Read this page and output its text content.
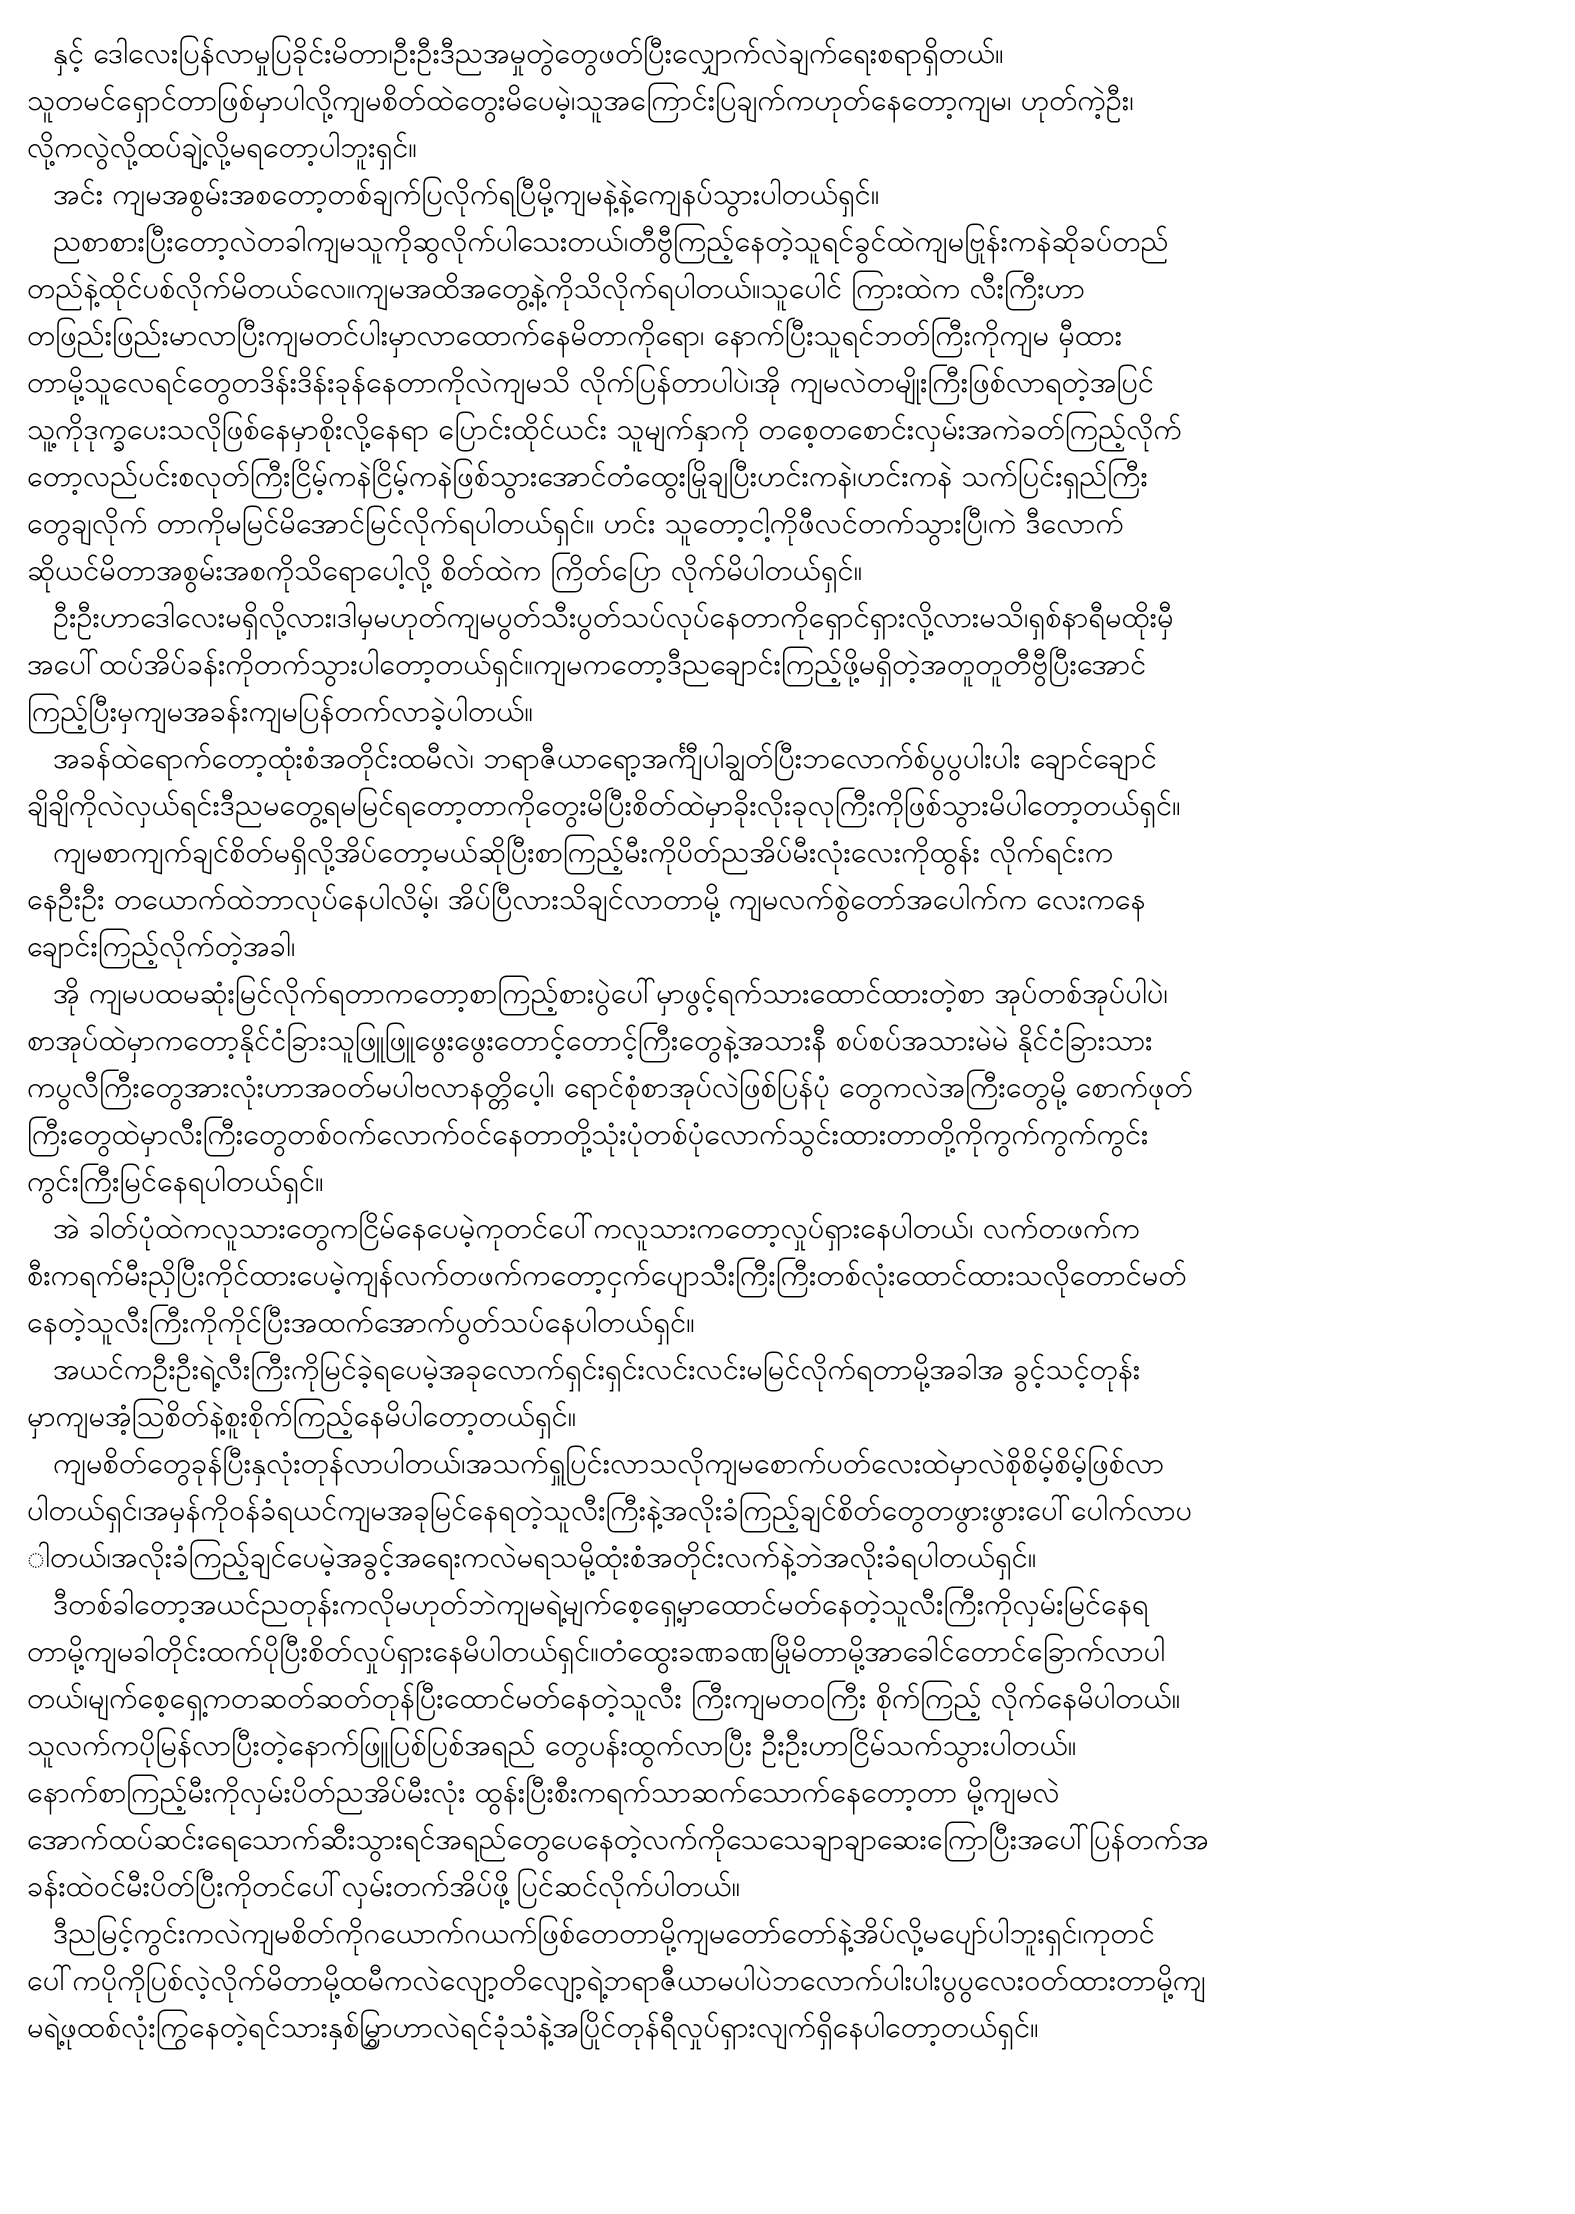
နှင့် ဒေါလေးပြန်လာမှုပြခိုင်းမိတာ၊ဦးဦးဒီညအမှုတွဲတွေဖတ်ပြီးလျှောက်လဲချက်ရေးစရာရှိတယ်။
သူတမင်ရှောင်တာဖြစ်မှာပါလို့ကျမစိတ်ထဲတွေးမိပေမဲ့၊သူအကြောင်းပြချက်ကဟုတ်နေတော့ကျမ၊ ဟုတ်ကဲ့ဦး၊
လို့ကလွဲလို့ထပ်ချဲ့လို့မရတော့ပါဘူးရှင်။
အင်း ကျမအစွမ်းအစတော့တစ်ချက်ပြလိုက်ရပြီမို့ကျမနဲ့နဲ့ကျေနပ်သွားပါတယ်ရှင်။
ညစာစားပြီးတော့လဲတခါကျမသူကိုဆွလိုက်ပါသေးတယ်၊တီဗွီကြည့်နေတဲ့သူရင်ခွင်ထဲကျမဗြုန်းကနဲဆိုခပ်တည်
တည်နဲ့ထိုင်ပစ်လိုက်မိတယ်လေ။ကျမအထိအတွေ့နဲ့ကိုသိလိုက်ရပါတယ်။သူပေါင် ကြားထဲက လီးကြီးဟာ
တဖြည်းဖြည်းမာလာပြီးကျမတင်ပါးမှာလာထောက်နေမိတာကိုရော၊ နောက်ပြီးသူရင်ဘတ်ကြီးကိုကျမ မှီထား
တာမို့သူလေရင်တွေတဒိန်းဒိန်းခုန်နေတာကိုလဲကျမသိ လိုက်ပြန်တာပါပဲ၊အို ကျမလဲတမျိုးကြီးဖြစ်လာရတဲ့အပြင်
သူ့ကိုဒုက္ခပေးသလိုဖြစ်နေမှာစိုးလို့နေရာ ပြောင်းထိုင်ယင်း သူမျက်နှာကို တစေ့တစောင်းလှမ်းအကဲခတ်ကြည့်လိုက်
တော့လည်ပင်းစလုတ်ကြီးငြိမ့်ကနဲငြိမ့်ကနဲဖြစ်သွားအောင်တံထွေးမြိုချပြီးဟင်းကနဲ၊ဟင်းကနဲ သက်ပြင်းရှည်ကြီး
တွေချလိုက် တာကိုမမြင်မိအောင်မြင်လိုက်ရပါတယ်ရှင်။ ဟင်း သူတော့ငါ့ကိုဖီလင်တက်သွားပြီ၊ကဲ ဒီလောက်
ဆိုယင်မိတာအစွမ်းအစကိုသိရောပေါ့လို့ စိတ်ထဲက ကြိတ်ပြော လိုက်မိပါတယ်ရှင်။
ဦးဦးဟာဒေါလေးမရှိလို့လား၊ဒါမှမဟုတ်ကျမပွတ်သီးပွတ်သပ်လုပ်နေတာကိုရှောင်ရှားလို့လားမသိ၊ရှစ်နာရီမထိုးမှီ
အပေါ်ထပ်အိပ်ခန်းကိုတက်သွားပါတော့တယ်ရှင်။ကျမကတော့ဒီညချောင်းကြည့်ဖို့မရှိတဲ့အတူတူတီဗွီပြီးအောင်
ကြည့်ပြီးမှကျမအခန်းကျမပြန်တက်လာခဲ့ပါတယ်။
အခန်ထဲရောက်တော့ထုံးစံအတိုင်းထမီလဲ၊ ဘရာဇီယာရော့အင်္ကျီပါချွတ်ပြီးဘလောက်စ်ပွပွပါးပါး ချောင်ချောင်
ချိချိကိုလဲလှယ်ရင်းဒီညမတွေ့ရမမြင်ရတော့တာကိုတွေးမိပြီးစိတ်ထဲမှာခိုးလိုးခုလုကြီးကိုဖြစ်သွားမိပါတော့တယ်ရှင်။
ကျမစာကျက်ချင်စိတ်မရှိလို့အိပ်တော့မယ်ဆိုပြီးစာကြည့်မီးကိုပိတ်ညအိပ်မီးလုံးလေးကိုထွန်း လိုက်ရင်းက
နေဦးဦး တယောက်ထဲဘာလုပ်နေပါလိမ့်၊ အိပ်ပြီလားသိချင်လာတာမို့ ကျမလက်စွဲတော်အပေါက်က လေးကနေ
ချောင်းကြည့်လိုက်တဲ့အခါ၊
အို ကျမပထမဆုံးမြင်လိုက်ရတာကတော့စာကြည့်စားပွဲပေါ်မှာဖွင့်ရက်သားထောင်ထားတဲ့စာ အုပ်တစ်အုပ်ပါပဲ၊
စာအုပ်ထဲမှာကတော့နိုင်ငံခြားသူဖြူဖြူဖွေးဖွေးတောင့်တောင့်ကြီးတွေနဲ့အသားနီ စပ်စပ်အသားမဲမဲ နိုင်ငံခြားသား
ကပွလီကြီးတွေအားလုံးဟာအဝတ်မပါဗလာနတ္တိပေ့ါ၊ ရောင်စုံစာအုပ်လဲဖြစ်ပြန်ပုံ တွေကလဲအကြီးတွေမို့ စောက်ဖုတ်
ကြီးတွေထဲမှာလီးကြီးတွေတစ်ဝက်လောက်ဝင်နေတာတို့သုံးပုံတစ်ပုံလောက်သွင်းထားတာတို့ကိုကွက်ကွက်ကွင်း
ကွင်းကြီးမြင်နေရပါတယ်ရှင်။
အဲ ခါတ်ပုံထဲကလူသားတွေကငြိမ်နေပေမဲ့ကုတင်ပေါ်ကလူသားကတော့လှုပ်ရှားနေပါတယ်၊ လက်တဖက်က
စီးကရက်မီးညှိပြီးကိုင်ထားပေမဲ့ကျန်လက်တဖက်ကတော့ငှက်ပျောသီးကြီးကြီးတစ်လုံးထောင်ထားသလိုတောင်မတ်
နေတဲ့သူလီးကြီးကိုကိုင်ပြီးအထက်အောက်ပွတ်သပ်နေပါတယ်ရှင်။
အယင်ကဦးဦးရဲ့လီးကြီးကိုမြင်ခဲ့ရပေမဲ့အခုလောက်ရှင်းရှင်းလင်းလင်းမမြင်လိုက်ရတာမို့အခါအ ခွင့်သင့်တုန်း
မှာကျမအံ့ဩစိတ်နဲ့စူးစိုက်ကြည့်နေမိပါတော့တယ်ရှင်။
ကျမစိတ်တွေခုန်ပြီးနှလုံးတုန်လာပါတယ်၊အသက်ရှူပြင်းလာသလိုကျမစောက်ပတ်လေးထဲမှာလဲစိုစိမ့်စိမ့်ဖြစ်လာ
ပါတယ်ရှင်၊အမှန်ကိုဝန်ခံရယင်ကျမအခုမြင်နေရတဲ့သူလီးကြီးနဲ့အလိုးခံကြည့်ချင်စိတ်တွေတဖွားဖွားပေါ်ပေါက်လာပ
ါတယ်၊အလိုးခံကြည့်ချင်ပေမဲ့အခွင့်အရေးကလဲမရသမို့ထုံးစံအတိုင်းလက်နဲ့ဘဲအလိုးခံရပါတယ်ရှင်။
ဒီတစ်ခါတော့အယင်ညတုန်းကလိုမဟုတ်ဘဲကျမရဲ့မျက်စေ့ရှေ့မှာထောင်မတ်နေတဲ့သူလီးကြီးကိုလှမ်းမြင်နေရ
တာမို့ကျမခါတိုင်းထက်ပိုပြီးစိတ်လှုပ်ရှားနေမိပါတယ်ရှင်။တံထွေးခဏခဏမြိုမိတာမို့အာခေါင်တောင်ခြောက်လာပါ
တယ်၊မျက်စေ့ရှေ့ကတဆတ်ဆတ်တုန်ပြီးထောင်မတ်နေတဲ့သူလီး ကြီးကျမတဝကြီး စိုက်ကြည့် လိုက်နေမိပါတယ်။
သူလက်ကပိုမြန်လာပြီးတဲ့နောက်ဖြူပြစ်ပြစ်အရည် တွေပန်းထွက်လာပြီး ဦးဦးဟာငြိမ်သက်သွားပါတယ်။
နောက်စာကြည့်မီးကိုလှမ်းပိတ်ညအိပ်မီးလုံး ထွန်းပြီးစီးကရက်သာဆက်သောက်နေတော့တာ မို့ကျမလဲ
အောက်ထပ်ဆင်းရေသောက်ဆီးသွားရင်အရည်တွေပေနေတဲ့လက်ကိုသေသေချာချာဆေးကြောပြီးအပေါ်ပြန်တက်အ
ခန်းထဲဝင်မီးပိတ်ပြီးကိုတင်ပေါ်လှမ်းတက်အိပ်ဖို့ပြင်ဆင်လိုက်ပါတယ်။
ဒီညမြင့်ကွင်းကလဲကျမစိတ်ကိုဂယောက်ဂယက်ဖြစ်တေတာမို့ကျမတော်တော်နဲ့အိပ်လို့မပျော်ပါဘူးရှင်၊ကုတင်
ပေါ်ကပိုကိုပြစ်လဲ့လိုက်မိတာမို့ထမီကလဲလျော့တိလျော့ရဲ့ဘရာဇီယာမပါပဲဘလောက်ပါးပါးပွပွလေးဝတ်ထားတာမို့ကျ
မရဲ့ဖုထစ်လုံးကြွနေတဲ့ရင်သားနှစ်မြွှာဟာလဲရင်ခုံသံနဲ့အပြိုင်တုန်ရီလှုပ်ရှားလျက်ရှိနေပါတော့တယ်ရှင်။
